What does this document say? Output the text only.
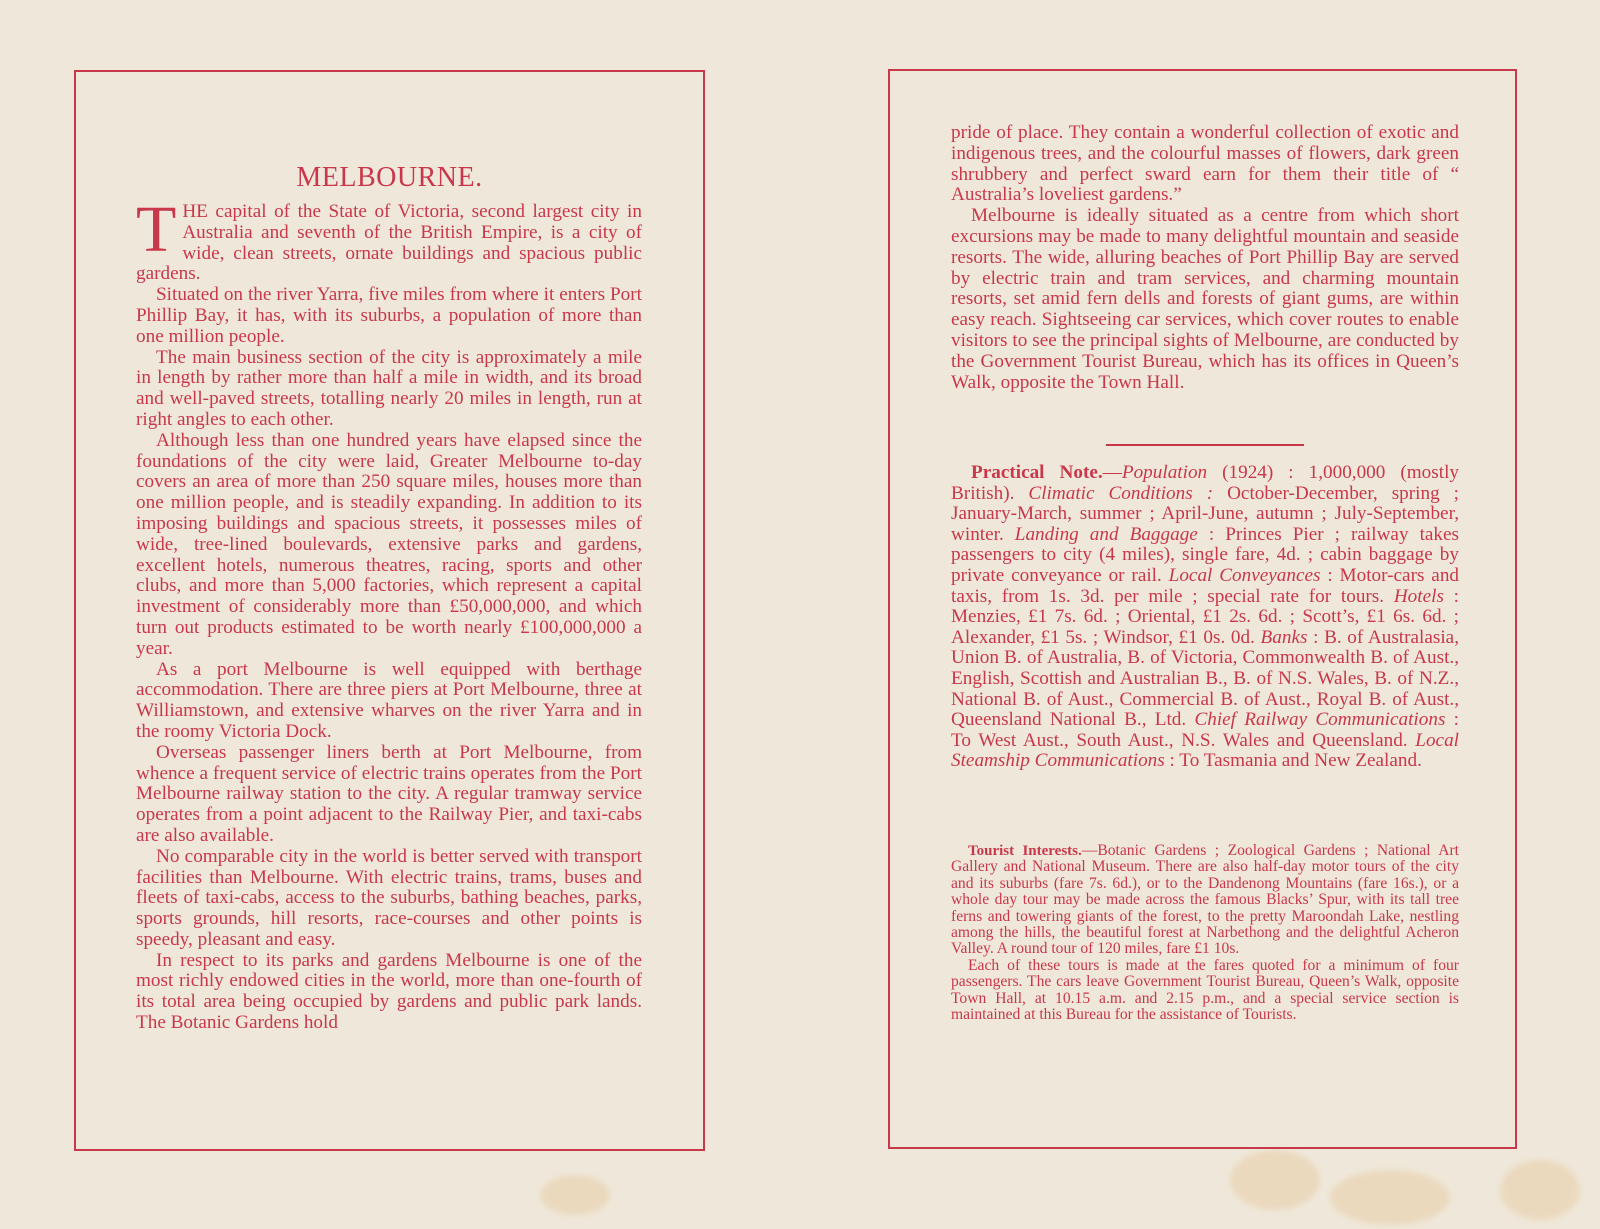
MELBOURNE.

THE capital of the State of Victoria, second largest city in Australia and seventh of the British Empire, is a city of wide, clean streets, ornate buildings and spacious public gardens.

Situated on the river Yarra, five miles from where it enters Port Phillip Bay, it has, with its suburbs, a population of more than one million people.

The main business section of the city is approximately a mile in length by rather more than half a mile in width, and its broad and well-paved streets, totalling nearly 20 miles in length, run at right angles to each other.

Although less than one hundred years have elapsed since the foundations of the city were laid, Greater Melbourne to-day covers an area of more than 250 square miles, houses more than one million people, and is steadily expanding. In addition to its imposing buildings and spacious streets, it possesses miles of wide, tree-lined boulevards, extensive parks and gardens, excellent hotels, numerous theatres, racing, sports and other clubs, and more than 5,000 factories, which represent a capital investment of considerably more than £50,000,000, and which turn out products estimated to be worth nearly £100,000,000 a year.

As a port Melbourne is well equipped with berthage accommodation. There are three piers at Port Melbourne, three at Williamstown, and extensive wharves on the river Yarra and in the roomy Victoria Dock.

Overseas passenger liners berth at Port Melbourne, from whence a frequent service of electric trains operates from the Port Melbourne railway station to the city. A regular tramway service operates from a point adjacent to the Railway Pier, and taxi-cabs are also available.

No comparable city in the world is better served with transport facilities than Melbourne. With electric trains, trams, buses and fleets of taxi-cabs, access to the suburbs, bathing beaches, parks, sports grounds, hill resorts, race-courses and other points is speedy, pleasant and easy.

In respect to its parks and gardens Melbourne is one of the most richly endowed cities in the world, more than one-fourth of its total area being occupied by gardens and public park lands. The Botanic Gardens hold

pride of place. They contain a wonderful collection of exotic and indigenous trees, and the colourful masses of flowers, dark green shrubbery and perfect sward earn for them their title of “ Australia’s loveliest gardens.”

Melbourne is ideally situated as a centre from which short excursions may be made to many delightful mountain and seaside resorts. The wide, alluring beaches of Port Phillip Bay are served by electric train and tram services, and charming mountain resorts, set amid fern dells and forests of giant gums, are within easy reach. Sightseeing car services, which cover routes to enable visitors to see the principal sights of Melbourne, are conducted by the Government Tourist Bureau, which has its offices in Queen’s Walk, opposite the Town Hall.

Practical Note.—Population (1924) : 1,000,000 (mostly British). Climatic Conditions : October-December, spring ; January-March, summer ; April-June, autumn ; July-September, winter. Landing and Baggage : Princes Pier ; railway takes passengers to city (4 miles), single fare, 4d. ; cabin baggage by private conveyance or rail. Local Conveyances : Motor-cars and taxis, from 1s. 3d. per mile ; special rate for tours. Hotels : Menzies, £1 7s. 6d. ; Oriental, £1 2s. 6d. ; Scott’s, £1 6s. 6d. ; Alexander, £1 5s. ; Windsor, £1 0s. 0d. Banks : B. of Australasia, Union B. of Australia, B. of Victoria, Commonwealth B. of Aust., English, Scottish and Australian B., B. of N.S. Wales, B. of N.Z., National B. of Aust., Commercial B. of Aust., Royal B. of Aust., Queensland National B., Ltd. Chief Railway Communications : To West Aust., South Aust., N.S. Wales and Queensland. Local Steamship Communications : To Tasmania and New Zealand.

Tourist Interests.—Botanic Gardens ; Zoological Gardens ; National Art Gallery and National Museum. There are also half-day motor tours of the city and its suburbs (fare 7s. 6d.), or to the Dandenong Mountains (fare 16s.), or a whole day tour may be made across the famous Blacks’ Spur, with its tall tree ferns and towering giants of the forest, to the pretty Maroondah Lake, nestling among the hills, the beautiful forest at Narbethong and the delightful Acheron Valley. A round tour of 120 miles, fare £1 10s.

Each of these tours is made at the fares quoted for a minimum of four passengers. The cars leave Government Tourist Bureau, Queen’s Walk, opposite Town Hall, at 10.15 a.m. and 2.15 p.m., and a special service section is maintained at this Bureau for the assistance of Tourists.
